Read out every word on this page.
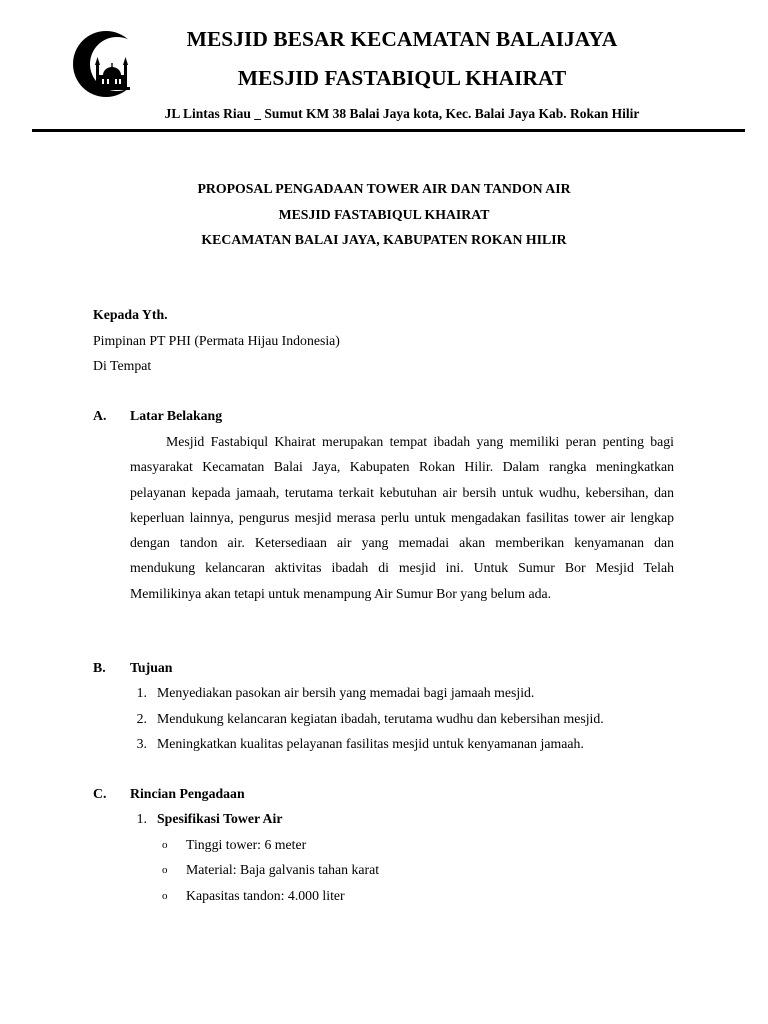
MESJID BESAR KECAMATAN BALAIJAYA
MESJID FASTABIQUL KHAIRAT
JL Lintas Riau _ Sumut KM 38 Balai Jaya kota, Kec. Balai Jaya Kab. Rokan Hilir
PROPOSAL PENGADAAN TOWER AIR DAN TANDON AIR
MESJID FASTABIQUL KHAIRAT
KECAMATAN BALAI JAYA, KABUPATEN ROKAN HILIR
Kepada Yth.
Pimpinan PT PHI (Permata Hijau Indonesia)
Di Tempat
A. Latar Belakang
Mesjid Fastabiqul Khairat merupakan tempat ibadah yang memiliki peran penting bagi masyarakat Kecamatan Balai Jaya, Kabupaten Rokan Hilir. Dalam rangka meningkatkan pelayanan kepada jamaah, terutama terkait kebutuhan air bersih untuk wudhu, kebersihan, dan keperluan lainnya, pengurus mesjid merasa perlu untuk mengadakan fasilitas tower air lengkap dengan tandon air. Ketersediaan air yang memadai akan memberikan kenyamanan dan mendukung kelancaran aktivitas ibadah di mesjid ini. Untuk Sumur Bor Mesjid Telah Memilikinya akan tetapi untuk menampung Air Sumur Bor yang belum ada.
B. Tujuan
1. Menyediakan pasokan air bersih yang memadai bagi jamaah mesjid.
2. Mendukung kelancaran kegiatan ibadah, terutama wudhu dan kebersihan mesjid.
3. Meningkatkan kualitas pelayanan fasilitas mesjid untuk kenyamanan jamaah.
C. Rincian Pengadaan
1. Spesifikasi Tower Air
o Tinggi tower: 6 meter
o Material: Baja galvanis tahan karat
o Kapasitas tandon: 4.000 liter
